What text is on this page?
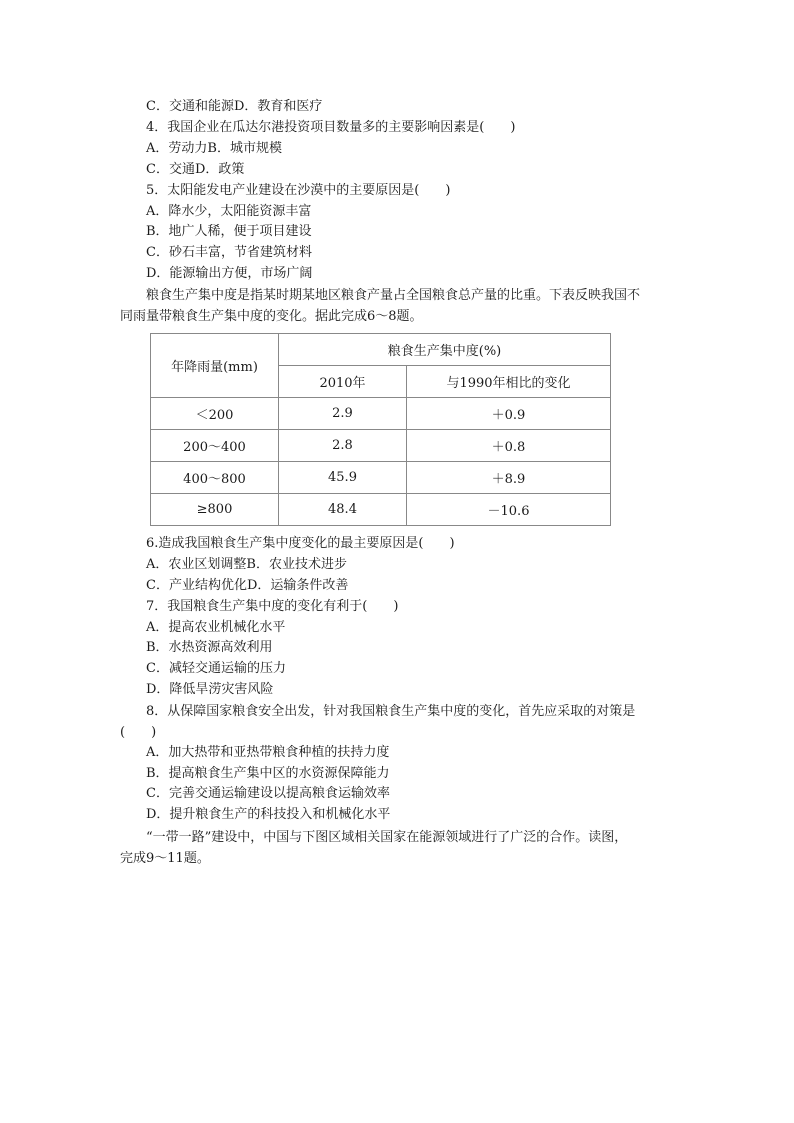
C．交通和能源D．教育和医疗
4．我国企业在瓜达尔港投资项目数量多的主要影响因素是(　　)
A．劳动力B．城市规模
C．交通D．政策
5．太阳能发电产业建设在沙漠中的主要原因是(　　)
A．降水少，太阳能资源丰富
B．地广人稀，便于项目建设
C．砂石丰富，节省建筑材料
D．能源输出方便，市场广阔
粮食生产集中度是指某时期某地区粮食产量占全国粮食总产量的比重。下表反映我国不
同雨量带粮食生产集中度的变化。据此完成6～8题。
年降雨量(mm)	粮食生产集中度(%)	
	2010年	与1990年相比的变化
＜200	2.9	＋0.9
200～400	2.8	＋0.8
400～800	45.9	＋8.9
≥800	48.4	－10.6
6.造成我国粮食生产集中度变化的最主要原因是(　　)
A．农业区划调整B．农业技术进步
C．产业结构优化D．运输条件改善
7．我国粮食生产集中度的变化有利于(　　)
A．提高农业机械化水平
B．水热资源高效利用
C．减轻交通运输的压力
D．降低旱涝灾害风险
8．从保障国家粮食安全出发，针对我国粮食生产集中度的变化，首先应采取的对策是
(　　)
A．加大热带和亚热带粮食种植的扶持力度
B．提高粮食生产集中区的水资源保障能力
C．完善交通运输建设以提高粮食运输效率
D．提升粮食生产的科技投入和机械化水平
“一带一路”建设中，中国与下图区域相关国家在能源领域进行了广泛的合作。读图，
完成9～11题。
